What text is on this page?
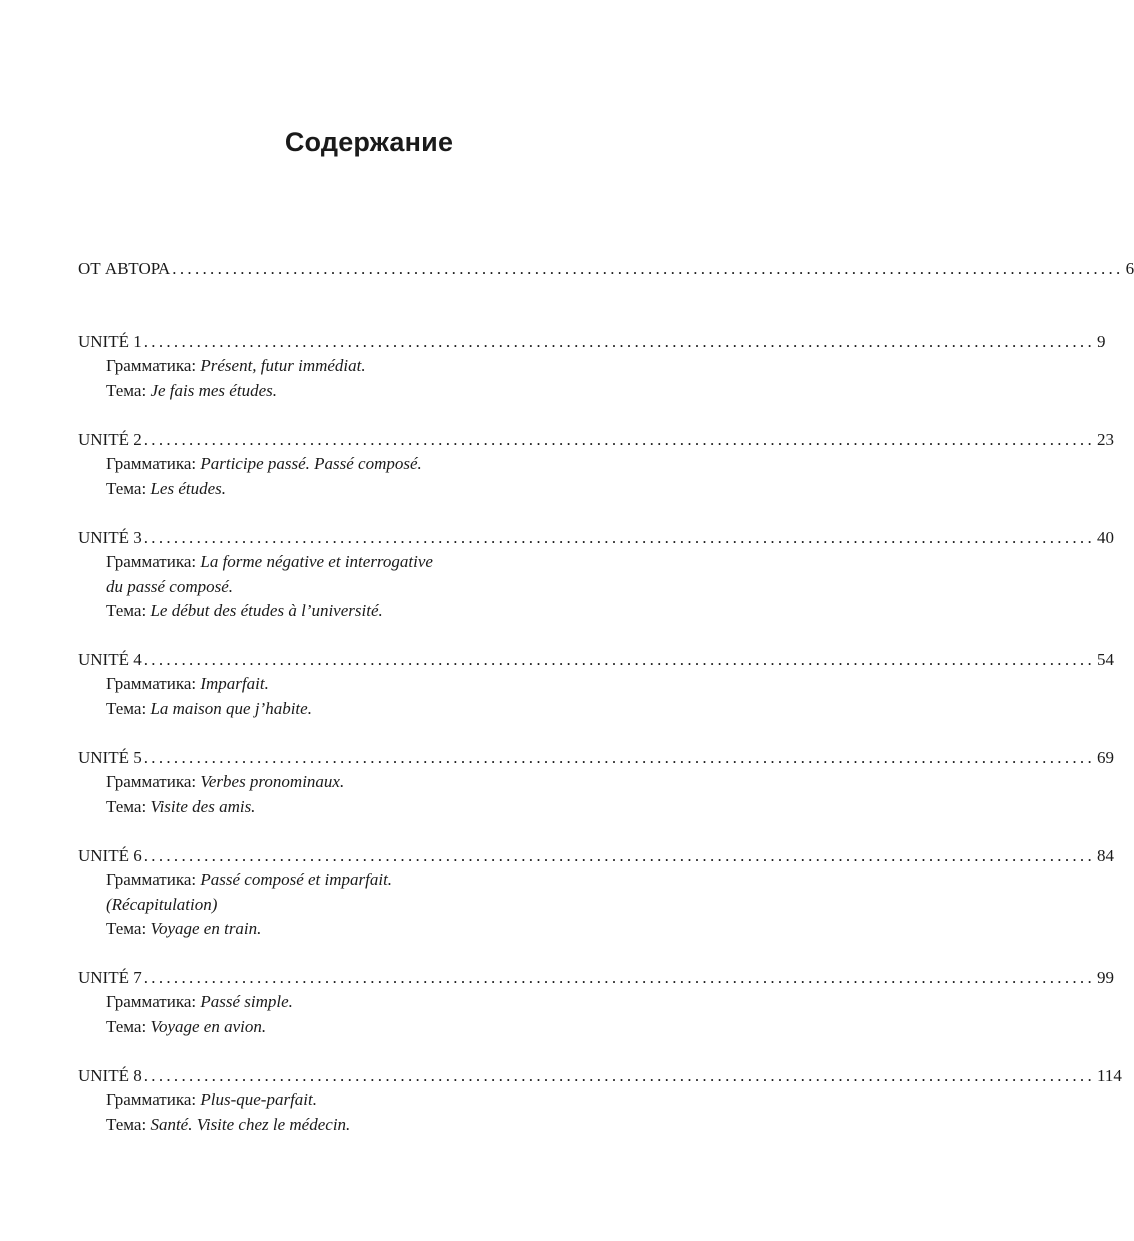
Содержание
ОТ АВТОРА .............................................................................................................................. 6
UNITÉ 1 .............................................................................................................................. 9
Грамматика: Présent, futur immédiat.
Тема: Je fais mes études.
UNITÉ 2 .............................................................................................................................. 23
Грамматика: Participe passé. Passé composé.
Тема: Les études.
UNITÉ 3 .............................................................................................................................. 40
Грамматика: La forme négative et interrogative
du passé composé.
Тема: Le début des études à l’université.
UNITÉ 4 .............................................................................................................................. 54
Грамматика: Imparfait.
Тема: La maison que j’habite.
UNITÉ 5 .............................................................................................................................. 69
Грамматика: Verbes pronominaux.
Тема: Visite des amis.
UNITÉ 6 .............................................................................................................................. 84
Грамматика: Passé composé et imparfait.
(Récapitulation)
Тема: Voyage en train.
UNITÉ 7 .............................................................................................................................. 99
Грамматика: Passé simple.
Тема: Voyage en avion.
UNITÉ 8 .............................................................................................................................. 114
Грамматика: Plus-que-parfait.
Тема: Santé. Visite chez le médecin.
